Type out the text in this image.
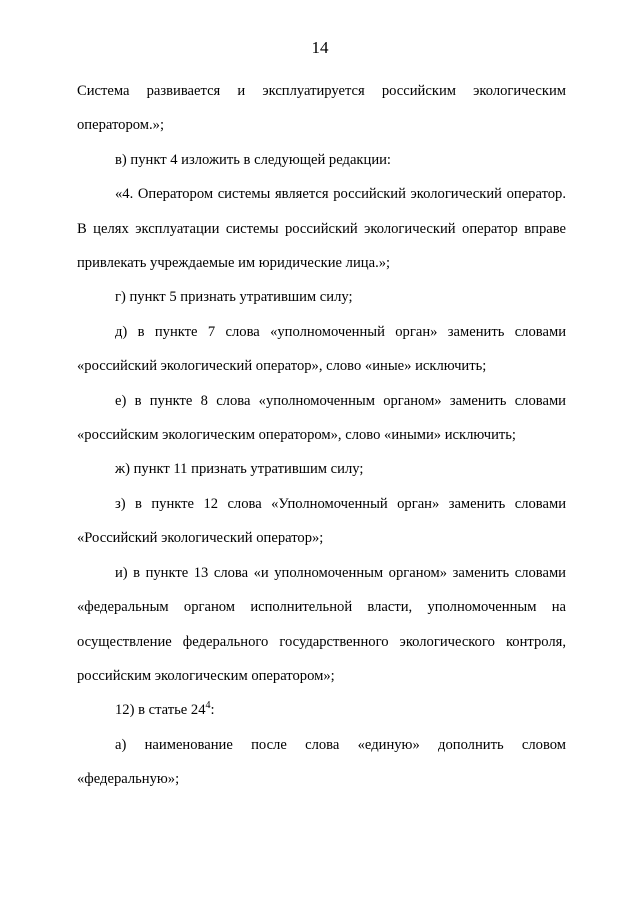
14

Система развивается и эксплуатируется российским экологическим оператором.»;

в) пункт 4 изложить в следующей редакции:

«4. Оператором системы является российский экологический оператор. В целях эксплуатации системы российский экологический оператор вправе привлекать учреждаемые им юридические лица.»;

г) пункт 5 признать утратившим силу;

д) в пункте 7 слова «уполномоченный орган» заменить словами «российский экологический оператор», слово «иные» исключить;

е) в пункте 8 слова «уполномоченным органом» заменить словами «российским экологическим оператором», слово «иными» исключить;

ж) пункт 11 признать утратившим силу;

з) в пункте 12 слова «Уполномоченный орган» заменить словами «Российский экологический оператор»;

и) в пункте 13 слова «и уполномоченным органом» заменить словами «федеральным органом исполнительной власти, уполномоченным на осуществление федерального государственного экологического контроля, российским экологическим оператором»;

12) в статье $24^4$:

а) наименование после слова «единую» дополнить словом «федеральную»;
